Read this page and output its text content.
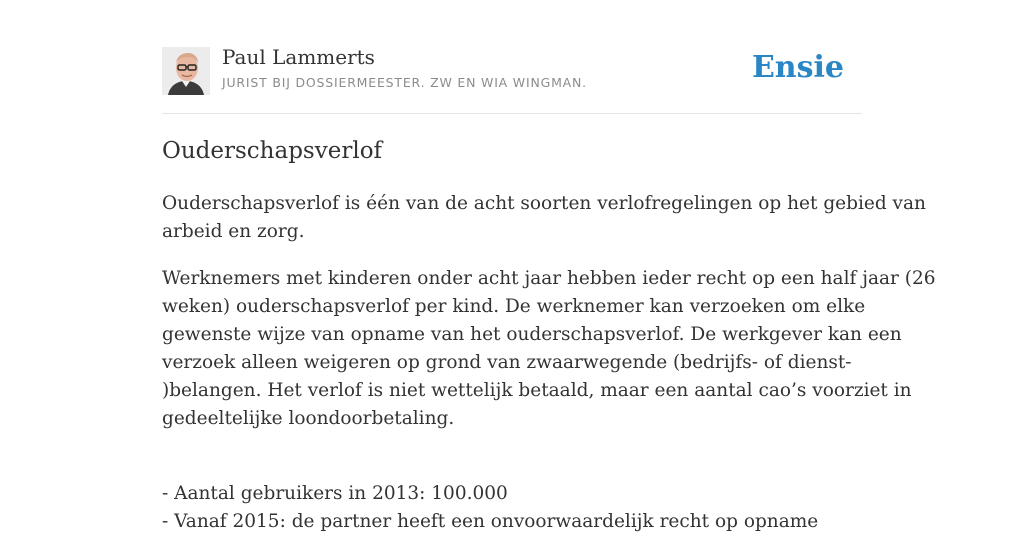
Paul Lammerts
JURIST BIJ DOSSIERMEESTER. ZW EN WIA WINGMAN.	Ensie
Ouderschapsverlof

Ouderschapsverlof is één van de acht soorten verlofregelingen op het gebied van
arbeid en zorg.

Werknemers met kinderen onder acht jaar hebben ieder recht op een half jaar (26
weken) ouderschapsverlof per kind. De werknemer kan verzoeken om elke
gewenste wijze van opname van het ouderschapsverlof. De werkgever kan een
verzoek alleen weigeren op grond van zwaarwegende (bedrijfs- of dienst-
)belangen. Het verlof is niet wettelijk betaald, maar een aantal cao’s voorziet in
gedeeltelijke loondoorbetaling.

- Aantal gebruikers in 2013: 100.000
- Vanaf 2015: de partner heeft een onvoorwaardelijk recht op opname
